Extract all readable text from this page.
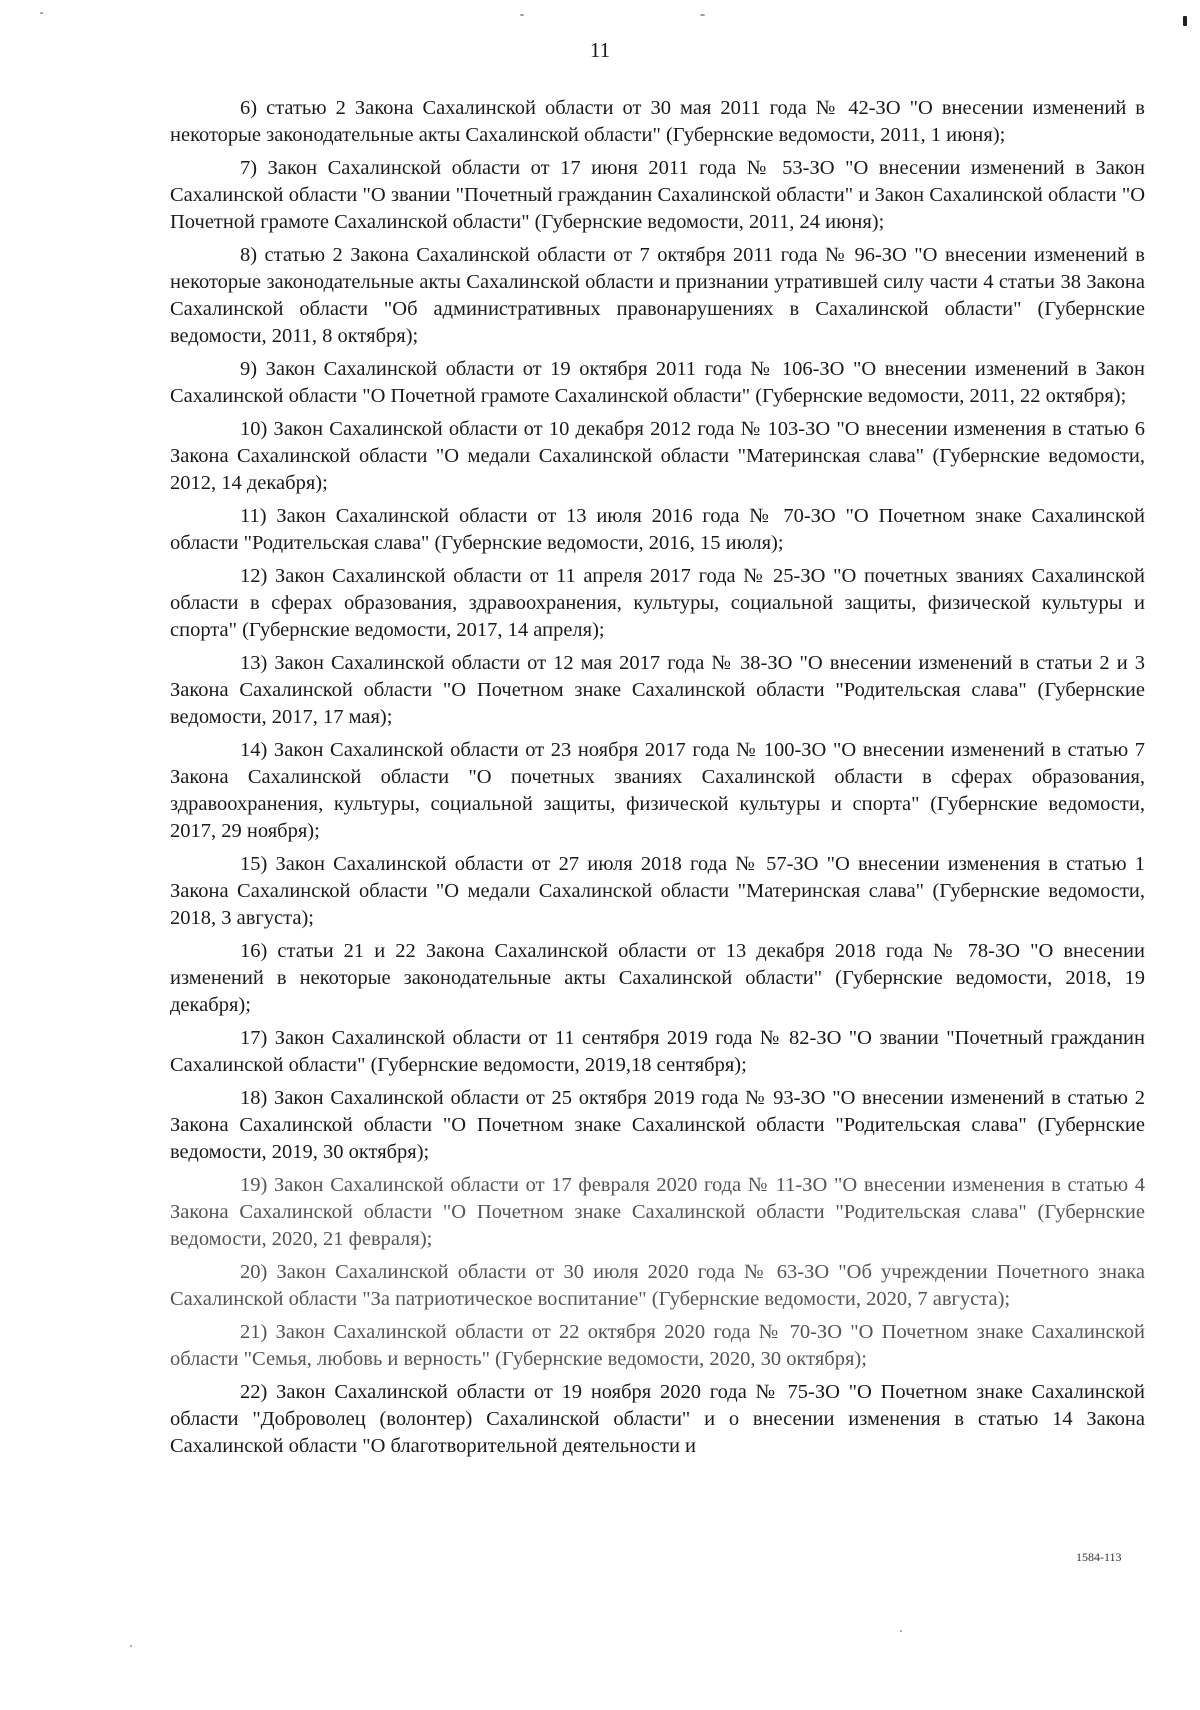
11

6) статью 2 Закона Сахалинской области от 30 мая 2011 года № 42-ЗО "О внесении изменений в некоторые законодательные акты Сахалинской области" (Губернские ведомости, 2011, 1 июня);

7) Закон Сахалинской области от 17 июня 2011 года № 53-ЗО "О внесении изменений в Закон Сахалинской области "О звании "Почетный гражданин Сахалинской области" и Закон Сахалинской области "О Почетной грамоте Сахалинской области" (Губернские ведомости, 2011, 24 июня);

8) статью 2 Закона Сахалинской области от 7 октября 2011 года № 96-ЗО "О внесении изменений в некоторые законодательные акты Сахалинской области и признании утратившей силу части 4 статьи 38 Закона Сахалинской области "Об административных правонарушениях в Сахалинской области" (Губернские ведомости, 2011, 8 октября);

9) Закон Сахалинской области от 19 октября 2011 года № 106-ЗО "О внесении изменений в Закон Сахалинской области "О Почетной грамоте Сахалинской области" (Губернские ведомости, 2011, 22 октября);

10) Закон Сахалинской области от 10 декабря 2012 года № 103-ЗО "О внесении изменения в статью 6 Закона Сахалинской области "О медали Сахалинской области "Материнская слава" (Губернские ведомости, 2012, 14 декабря);

11) Закон Сахалинской области от 13 июля 2016 года № 70-ЗО "О Почетном знаке Сахалинской области "Родительская слава" (Губернские ведомости, 2016, 15 июля);

12) Закон Сахалинской области от 11 апреля 2017 года № 25-ЗО "О почетных званиях Сахалинской области в сферах образования, здравоохранения, культуры, социальной защиты, физической культуры и спорта" (Губернские ведомости, 2017, 14 апреля);

13) Закон Сахалинской области от 12 мая 2017 года № 38-ЗО "О внесении изменений в статьи 2 и 3 Закона Сахалинской области "О Почетном знаке Сахалинской области "Родительская слава" (Губернские ведомости, 2017, 17 мая);

14) Закон Сахалинской области от 23 ноября 2017 года № 100-ЗО "О внесении изменений в статью 7 Закона Сахалинской области "О почетных званиях Сахалинской области в сферах образования, здравоохранения, культуры, социальной защиты, физической культуры и спорта" (Губернские ведомости, 2017, 29 ноября);

15) Закон Сахалинской области от 27 июля 2018 года № 57-ЗО "О внесении изменения в статью 1 Закона Сахалинской области "О медали Сахалинской области "Материнская слава" (Губернские ведомости, 2018, 3 августа);

16) статьи 21 и 22 Закона Сахалинской области от 13 декабря 2018 года № 78-ЗО "О внесении изменений в некоторые законодательные акты Сахалинской области" (Губернские ведомости, 2018, 19 декабря);

17) Закон Сахалинской области от 11 сентября 2019 года № 82-ЗО "О звании "Почетный гражданин Сахалинской области" (Губернские ведомости, 2019,18 сентября);

18) Закон Сахалинской области от 25 октября 2019 года № 93-ЗО "О внесении изменений в статью 2 Закона Сахалинской области "О Почетном знаке Сахалинской области "Родительская слава" (Губернские ведомости, 2019, 30 октября);

19) Закон Сахалинской области от 17 февраля 2020 года № 11-ЗО "О внесении изменения в статью 4 Закона Сахалинской области "О Почетном знаке Сахалинской области "Родительская слава" (Губернские ведомости, 2020, 21 февраля);

20) Закон Сахалинской области от 30 июля 2020 года № 63-ЗО "Об учреждении Почетного знака Сахалинской области "За патриотическое воспитание" (Губернские ведомости, 2020, 7 августа);

21) Закон Сахалинской области от 22 октября 2020 года № 70-ЗО "О Почетном знаке Сахалинской области "Семья, любовь и верность" (Губернские ведомости, 2020, 30 октября);

22) Закон Сахалинской области от 19 ноября 2020 года № 75-ЗО "О Почетном знаке Сахалинской области "Доброволец (волонтер) Сахалинской области" и о внесении изменения в статью 14 Закона Сахалинской области "О благотворительной деятельности и

1584-113
